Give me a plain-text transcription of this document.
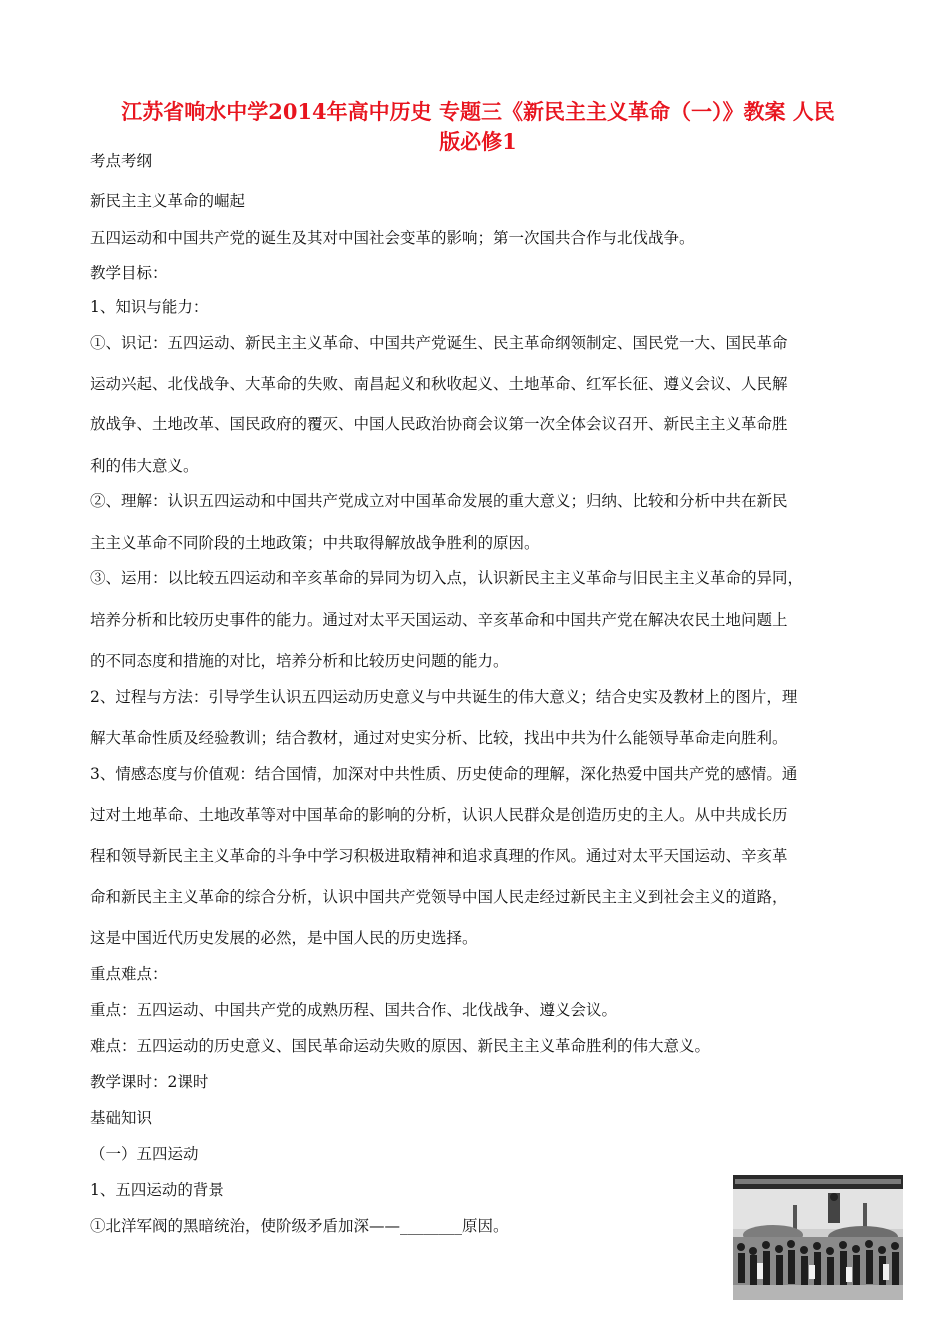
江苏省响水中学2014年高中历史 专题三《新民主主义革命（一）》教案 人民
版必修1

考点考纲

新民主主义革命的崛起

五四运动和中国共产党的诞生及其对中国社会变革的影响；第一次国共合作与北伐战争。

教学目标：

1、知识与能力：

①、识记：五四运动、新民主主义革命、中国共产党诞生、民主革命纲领制定、国民党一大、国民革命

运动兴起、北伐战争、大革命的失败、南昌起义和秋收起义、土地革命、红军长征、遵义会议、人民解

放战争、土地改革、国民政府的覆灭、中国人民政治协商会议第一次全体会议召开、新民主主义革命胜

利的伟大意义。

②、理解：认识五四运动和中国共产党成立对中国革命发展的重大意义；归纳、比较和分析中共在新民

主主义革命不同阶段的土地政策；中共取得解放战争胜利的原因。

③、运用：以比较五四运动和辛亥革命的异同为切入点，认识新民主主义革命与旧民主主义革命的异同，

培养分析和比较历史事件的能力。通过对太平天国运动、辛亥革命和中国共产党在解决农民土地问题上

的不同态度和措施的对比，培养分析和比较历史问题的能力。

2、过程与方法：引导学生认识五四运动历史意义与中共诞生的伟大意义；结合史实及教材上的图片，理

解大革命性质及经验教训；结合教材，通过对史实分析、比较，找出中共为什么能领导革命走向胜利。

3、情感态度与价值观：结合国情，加深对中共性质、历史使命的理解，深化热爱中国共产党的感情。通

过对土地革命、土地改革等对中国革命的影响的分析，认识人民群众是创造历史的主人。从中共成长历

程和领导新民主主义革命的斗争中学习积极进取精神和追求真理的作风。通过对太平天国运动、辛亥革

命和新民主主义革命的综合分析，认识中国共产党领导中国人民走经过新民主主义到社会主义的道路，

这是中国近代历史发展的必然，是中国人民的历史选择。

重点难点：

重点：五四运动、中国共产党的成熟历程、国共合作、北伐战争、遵义会议。

难点：五四运动的历史意义、国民革命运动失败的原因、新民主主义革命胜利的伟大意义。

教学课时：2课时

基础知识

（一）五四运动

1、五四运动的背景

①北洋军阀的黑暗统治，使阶级矛盾加深——________原因。
